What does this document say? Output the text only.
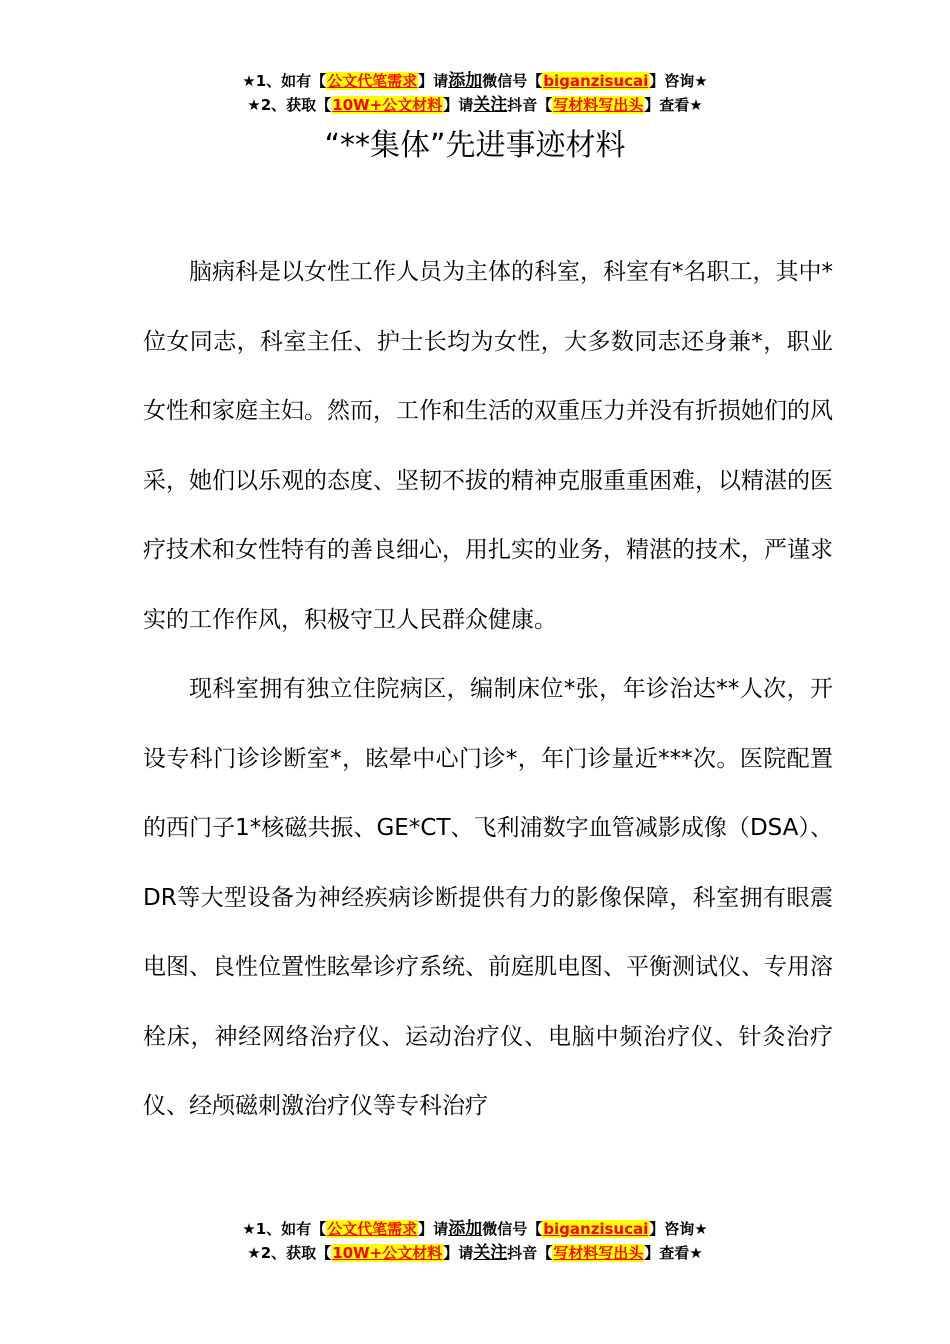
★1、如有【公文代笔需求】请添加微信号【biganzisucai】咨询★
★2、获取【10W+公文材料】请关注抖音【写材料写出头】查看★
“**集体”先进事迹材料

脑病科是以女性工作人员为主体的科室，科室有*名职工，其中*位女同志，科室主任、护士长均为女性，大多数同志还身兼*，职业女性和家庭主妇。然而，工作和生活的双重压力并没有折损她们的风采，她们以乐观的态度、坚韧不拔的精神克服重重困难，以精湛的医疗技术和女性特有的善良细心，用扎实的业务，精湛的技术，严谨求实的工作作风，积极守卫人民群众健康。

现科室拥有独立住院病区，编制床位*张，年诊治达**人次，开设专科门诊诊断室*，眩晕中心门诊*，年门诊量近***次。医院配置的西门子1*核磁共振、GE*CT、飞利浦数字血管减影成像（DSA）、DR等大型设备为神经疾病诊断提供有力的影像保障，科室拥有眼震电图、良性位置性眩晕诊疗系统、前庭肌电图、平衡测试仪、专用溶栓床，神经网络治疗仪、运动治疗仪、电脑中频治疗仪、针灸治疗仪、经颅磁刺激治疗仪等专科治疗

★1、如有【公文代笔需求】请添加微信号【biganzisucai】咨询★
★2、获取【10W+公文材料】请关注抖音【写材料写出头】查看★
